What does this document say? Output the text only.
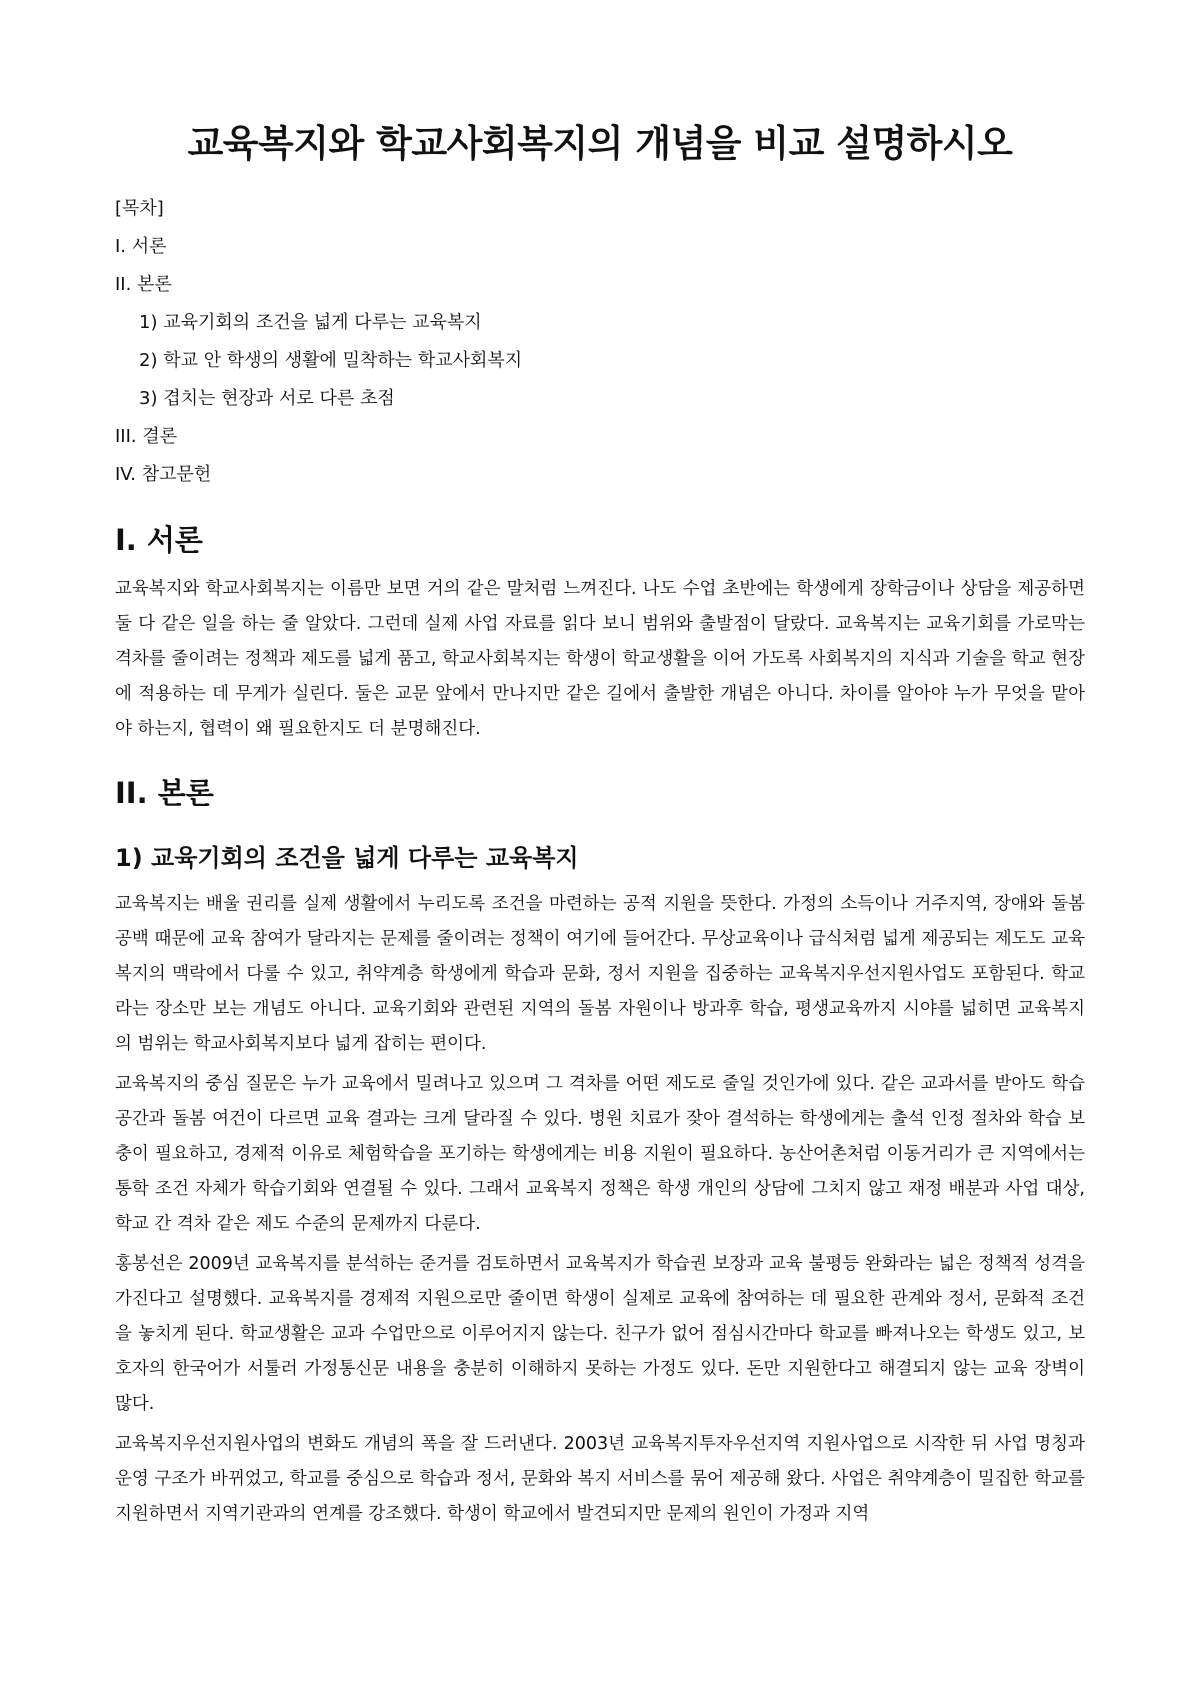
교육복지와 학교사회복지의 개념을 비교 설명하시오
[목차]
I. 서론
II. 본론
1) 교육기회의 조건을 넓게 다루는 교육복지
2) 학교 안 학생의 생활에 밀착하는 학교사회복지
3) 겹치는 현장과 서로 다른 초점
III. 결론
IV. 참고문헌
I. 서론

교육복지와 학교사회복지는 이름만 보면 거의 같은 말처럼 느껴진다. 나도 수업 초반에는 학생에게 장학금이나 상담을 제공하면 둘 다 같은 일을 하는 줄 알았다. 그런데 실제 사업 자료를 읽다 보니 범위와 출발점이 달랐다. 교육복지는 교육기회를 가로막는 격차를 줄이려는 정책과 제도를 넓게 품고, 학교사회복지는 학생이 학교생활을 이어 가도록 사회복지의 지식과 기술을 학교 현장에 적용하는 데 무게가 실린다. 둘은 교문 앞에서 만나지만 같은 길에서 출발한 개념은 아니다. 차이를 알아야 누가 무엇을 맡아야 하는지, 협력이 왜 필요한지도 더 분명해진다.

II. 본론
1) 교육기회의 조건을 넓게 다루는 교육복지

교육복지는 배울 권리를 실제 생활에서 누리도록 조건을 마련하는 공적 지원을 뜻한다. 가정의 소득이나 거주지역, 장애와 돌봄 공백 때문에 교육 참여가 달라지는 문제를 줄이려는 정책이 여기에 들어간다. 무상교육이나 급식처럼 넓게 제공되는 제도도 교육복지의 맥락에서 다룰 수 있고, 취약계층 학생에게 학습과 문화, 정서 지원을 집중하는 교육복지우선지원사업도 포함된다. 학교라는 장소만 보는 개념도 아니다. 교육기회와 관련된 지역의 돌봄 자원이나 방과후 학습, 평생교육까지 시야를 넓히면 교육복지의 범위는 학교사회복지보다 넓게 잡히는 편이다.

교육복지의 중심 질문은 누가 교육에서 밀려나고 있으며 그 격차를 어떤 제도로 줄일 것인가에 있다. 같은 교과서를 받아도 학습 공간과 돌봄 여건이 다르면 교육 결과는 크게 달라질 수 있다. 병원 치료가 잦아 결석하는 학생에게는 출석 인정 절차와 학습 보충이 필요하고, 경제적 이유로 체험학습을 포기하는 학생에게는 비용 지원이 필요하다. 농산어촌처럼 이동거리가 큰 지역에서는 통학 조건 자체가 학습기회와 연결될 수 있다. 그래서 교육복지 정책은 학생 개인의 상담에 그치지 않고 재정 배분과 사업 대상, 학교 간 격차 같은 제도 수준의 문제까지 다룬다.

홍봉선은 2009년 교육복지를 분석하는 준거를 검토하면서 교육복지가 학습권 보장과 교육 불평등 완화라는 넓은 정책적 성격을 가진다고 설명했다. 교육복지를 경제적 지원으로만 줄이면 학생이 실제로 교육에 참여하는 데 필요한 관계와 정서, 문화적 조건을 놓치게 된다. 학교생활은 교과 수업만으로 이루어지지 않는다. 친구가 없어 점심시간마다 학교를 빠져나오는 학생도 있고, 보호자의 한국어가 서툴러 가정통신문 내용을 충분히 이해하지 못하는 가정도 있다. 돈만 지원한다고 해결되지 않는 교육 장벽이 많다.

교육복지우선지원사업의 변화도 개념의 폭을 잘 드러낸다. 2003년 교육복지투자우선지역 지원사업으로 시작한 뒤 사업 명칭과 운영 구조가 바뀌었고, 학교를 중심으로 학습과 정서, 문화와 복지 서비스를 묶어 제공해 왔다. 사업은 취약계층이 밀집한 학교를 지원하면서 지역기관과의 연계를 강조했다. 학생이 학교에서 발견되지만 문제의 원인이 가정과 지역
